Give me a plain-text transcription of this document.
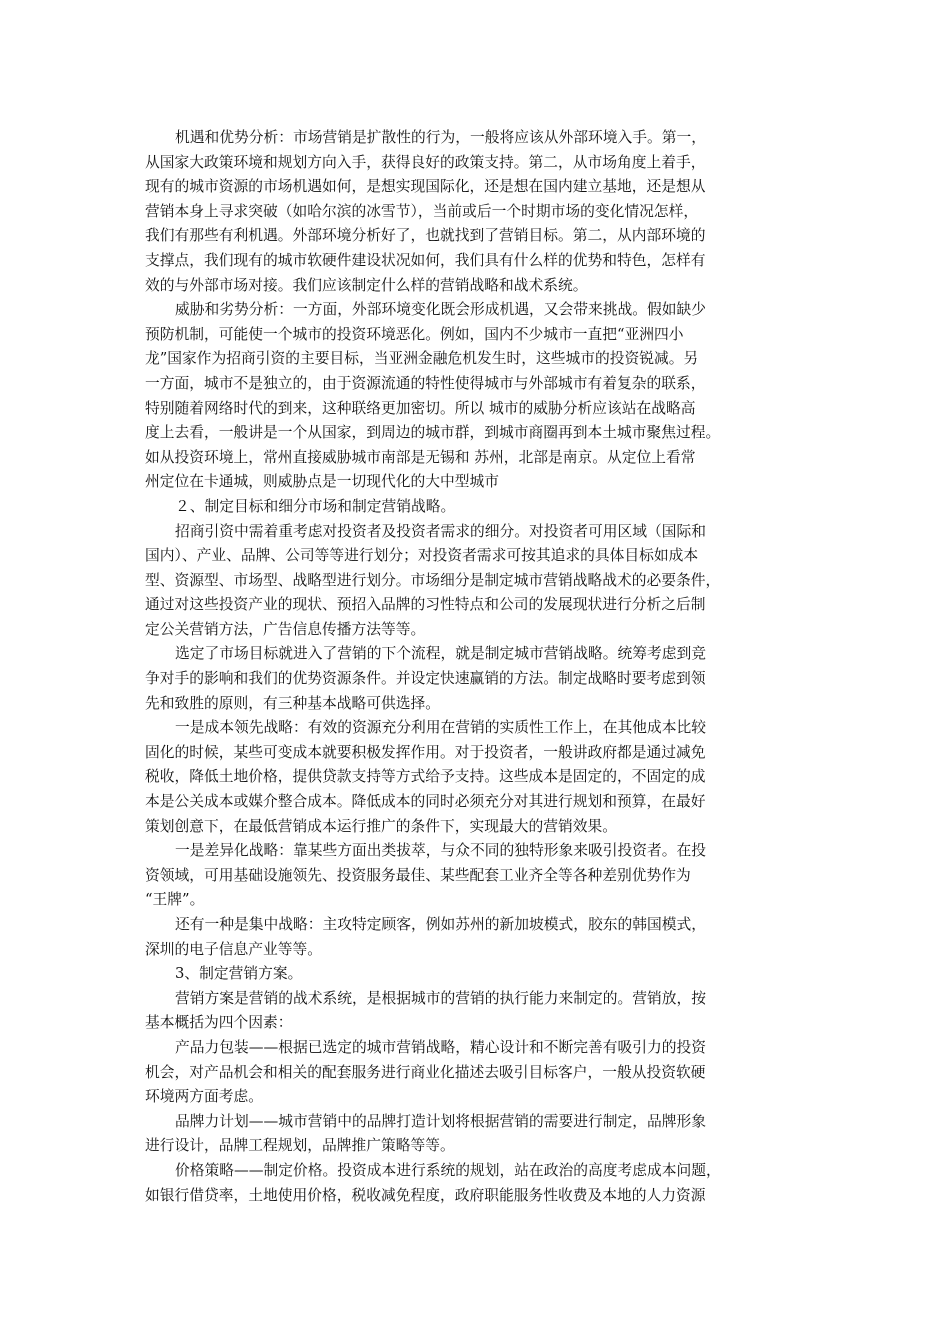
机遇和优势分析：市场营销是扩散性的行为，一般将应该从外部环境入手。第一，
从国家大政策环境和规划方向入手，获得良好的政策支持。第二，从市场角度上着手，
现有的城市资源的市场机遇如何，是想实现国际化，还是想在国内建立基地，还是想从
营销本身上寻求突破（如哈尔滨的冰雪节），当前或后一个时期市场的变化情况怎样，
我们有那些有利机遇。外部环境分析好了，也就找到了营销目标。第二，从内部环境的
支撑点，我们现有的城市软硬件建设状况如何，我们具有什么样的优势和特色，怎样有
效的与外部市场对接。我们应该制定什么样的营销战略和战术系统。
威胁和劣势分析：一方面，外部环境变化既会形成机遇，又会带来挑战。假如缺少
预防机制，可能使一个城市的投资环境恶化。例如，国内不少城市一直把“亚洲四小
龙”国家作为招商引资的主要目标，当亚洲金融危机发生时，这些城市的投资锐减。另
一方面，城市不是独立的，由于资源流通的特性使得城市与外部城市有着复杂的联系，
特别随着网络时代的到来，这种联络更加密切。所以 城市的威胁分析应该站在战略高
度上去看，一般讲是一个从国家，到周边的城市群，到城市商圈再到本土城市聚焦过程。
如从投资环境上，常州直接威胁城市南部是无锡和 苏州，北部是南京。从定位上看常
州定位在卡通城，则威胁点是一切现代化的大中型城市
２、制定目标和细分市场和制定营销战略。
招商引资中需着重考虑对投资者及投资者需求的细分。对投资者可用区域（国际和
国内）、产业、品牌、公司等等进行划分；对投资者需求可按其追求的具体目标如成本
型、资源型、市场型、战略型进行划分。市场细分是制定城市营销战略战术的必要条件，
通过对这些投资产业的现状、预招入品牌的习性特点和公司的发展现状进行分析之后制
定公关营销方法，广告信息传播方法等等。
选定了市场目标就进入了营销的下个流程，就是制定城市营销战略。统筹考虑到竞
争对手的影响和我们的优势资源条件。并设定快速赢销的方法。制定战略时要考虑到领
先和致胜的原则，有三种基本战略可供选择。
一是成本领先战略：有效的资源充分利用在营销的实质性工作上，在其他成本比较
固化的时候，某些可变成本就要积极发挥作用。对于投资者，一般讲政府都是通过减免
税收，降低土地价格，提供贷款支持等方式给予支持。这些成本是固定的，不固定的成
本是公关成本或媒介整合成本。降低成本的同时必须充分对其进行规划和预算，在最好
策划创意下，在最低营销成本运行推广的条件下，实现最大的营销效果。
一是差异化战略：靠某些方面出类拔萃，与众不同的独特形象来吸引投资者。在投
资领域，可用基础设施领先、投资服务最佳、某些配套工业齐全等各种差别优势作为
“王牌”。
还有一种是集中战略：主攻特定顾客，例如苏州的新加坡模式，胶东的韩国模式，
深圳的电子信息产业等等。
3、制定营销方案。
营销方案是营销的战术系统，是根据城市的营销的执行能力来制定的。营销放，按
基本概括为四个因素：
产品力包装——根据已选定的城市营销战略，精心设计和不断完善有吸引力的投资
机会，对产品机会和相关的配套服务进行商业化描述去吸引目标客户，一般从投资软硬
环境两方面考虑。
品牌力计划——城市营销中的品牌打造计划将根据营销的需要进行制定，品牌形象
进行设计，品牌工程规划，品牌推广策略等等。
价格策略——制定价格。投资成本进行系统的规划，站在政治的高度考虑成本问题，
如银行借贷率，土地使用价格，税收减免程度，政府职能服务性收费及本地的人力资源
